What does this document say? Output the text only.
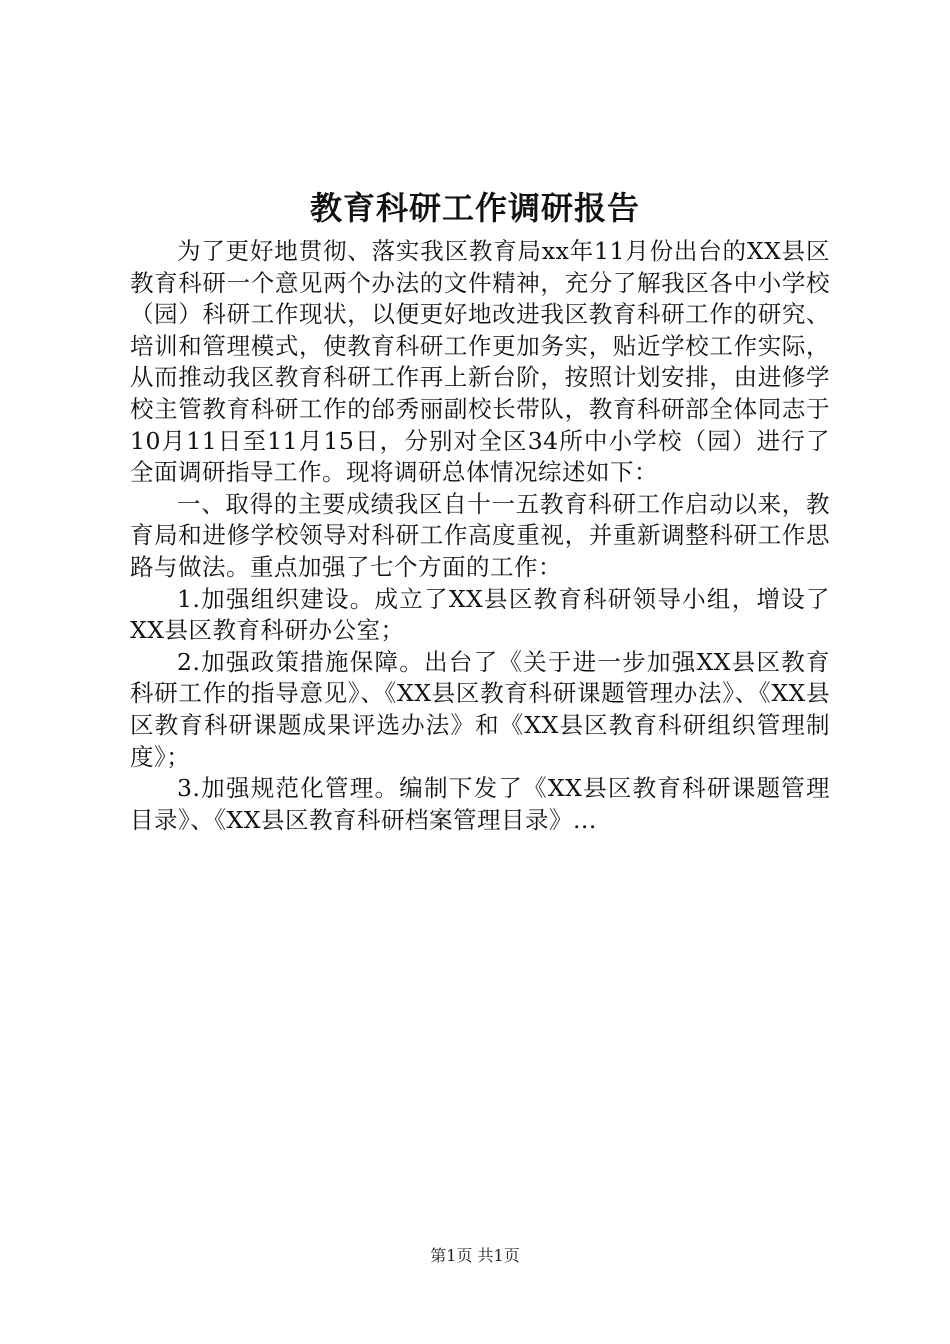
教育科研工作调研报告

为了更好地贯彻、落实我区教育局xx年11月份出台的XX县区教育科研一个意见两个办法的文件精神，充分了解我区各中小学校（园）科研工作现状，以便更好地改进我区教育科研工作的研究、培训和管理模式，使教育科研工作更加务实，贴近学校工作实际，从而推动我区教育科研工作再上新台阶，按照计划安排，由进修学校主管教育科研工作的邰秀丽副校长带队，教育科研部全体同志于10月11日至11月15日，分别对全区34所中小学校（园）进行了全面调研指导工作。现将调研总体情况综述如下：

一、取得的主要成绩我区自十一五教育科研工作启动以来，教育局和进修学校领导对科研工作高度重视，并重新调整科研工作思路与做法。重点加强了七个方面的工作：

1.加强组织建设。成立了XX县区教育科研领导小组，增设了XX县区教育科研办公室；

2.加强政策措施保障。出台了《关于进一步加强XX县区教育科研工作的指导意见》、《XX县区教育科研课题管理办法》、《XX县区教育科研课题成果评选办法》和《XX县区教育科研组织管理制度》；

3.加强规范化管理。编制下发了《XX县区教育科研课题管理目录》、《XX县区教育科研档案管理目录》...

第1页 共1页
